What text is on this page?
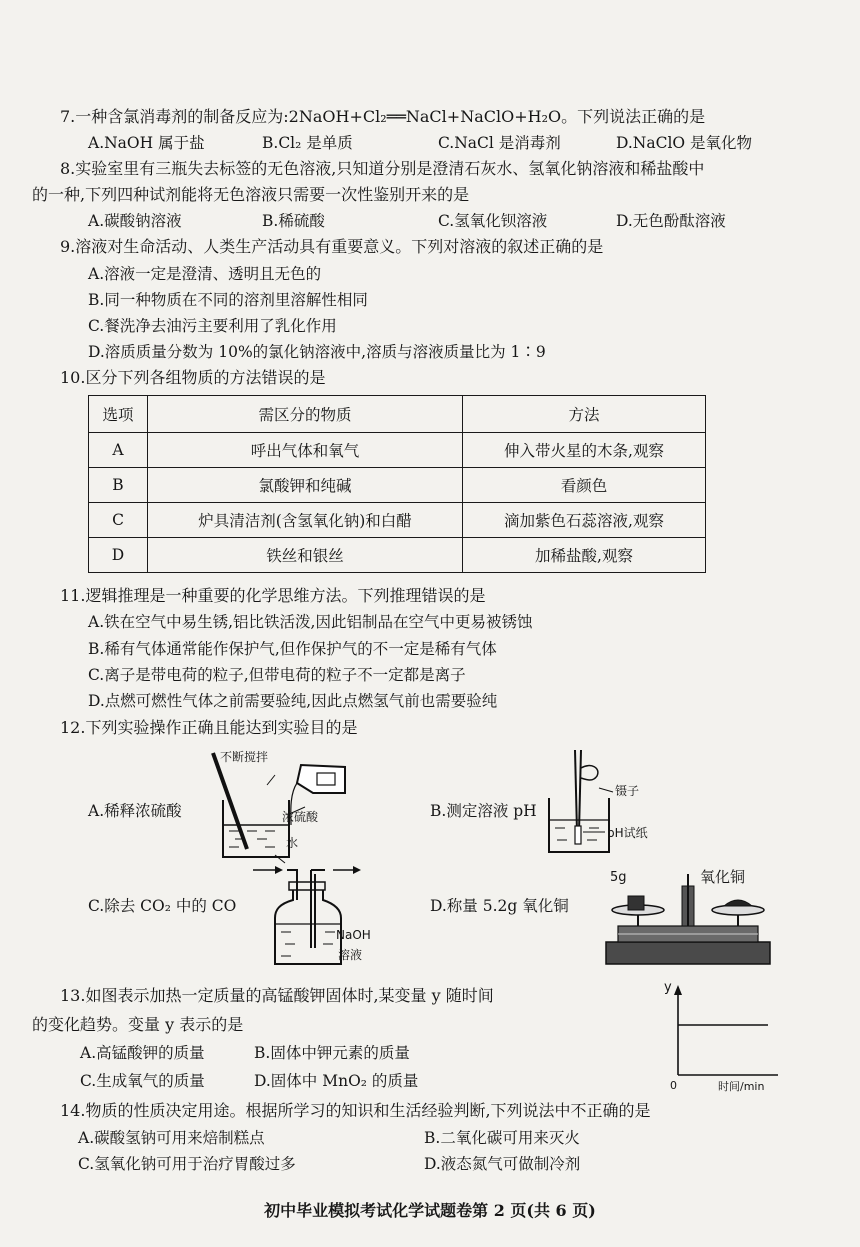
7.一种含氯消毒剂的制备反应为:2NaOH+Cl₂══NaCl+NaClO+H₂O。下列说法正确的是
A.NaOH 属于盐	B.Cl₂ 是单质	C.NaCl 是消毒剂	D.NaClO 是氧化物
8.实验室里有三瓶失去标签的无色溶液,只知道分别是澄清石灰水、氢氧化钠溶液和稀盐酸中
的一种,下列四种试剂能将无色溶液只需要一次性鉴别开来的是
A.碳酸钠溶液	B.稀硫酸	C.氢氧化钡溶液	D.无色酚酞溶液
9.溶液对生命活动、人类生产活动具有重要意义。下列对溶液的叙述正确的是
A.溶液一定是澄清、透明且无色的
B.同一种物质在不同的溶剂里溶解性相同
C.餐洗净去油污主要利用了乳化作用
D.溶质质量分数为 10%的氯化钠溶液中,溶质与溶液质量比为 1∶9
10.区分下列各组物质的方法错误的是
选项	需区分的物质	方法
A	呼出气体和氧气	伸入带火星的木条,观察
B	氯酸钾和纯碱	看颜色
C	炉具清洁剂(含氢氧化钠)和白醋	滴加紫色石蕊溶液,观察
D	铁丝和银丝	加稀盐酸,观察
11.逻辑推理是一种重要的化学思维方法。下列推理错误的是
A.铁在空气中易生锈,铝比铁活泼,因此铝制品在空气中更易被锈蚀
B.稀有气体通常能作保护气,但作保护气的不一定是稀有气体
C.离子是带电荷的粒子,但带电荷的粒子不一定都是离子
D.点燃可燃性气体之前需要验纯,因此点燃氢气前也需要验纯
12.下列实验操作正确且能达到实验目的是
A.稀释浓硫酸
不断搅拌
浓硫酸
水
B.测定溶液 pH
镊子
pH试纸
C.除去 CO₂ 中的 CO
NaOH
溶液
D.称量 5.2g 氧化铜
5g	氧化铜
13.如图表示加热一定质量的高锰酸钾固体时,某变量 y 随时间
的变化趋势。变量 y 表示的是
A.高锰酸钾的质量	B.固体中钾元素的质量
C.生成氧气的质量	D.固体中 MnO₂ 的质量
y
0	时间/min
14.物质的性质决定用途。根据所学习的知识和生活经验判断,下列说法中不正确的是
A.碳酸氢钠可用来焙制糕点	B.二氧化碳可用来灭火
C.氢氧化钠可用于治疗胃酸过多	D.液态氮气可做制冷剂
初中毕业模拟考试化学试题卷第 2 页(共 6 页)
